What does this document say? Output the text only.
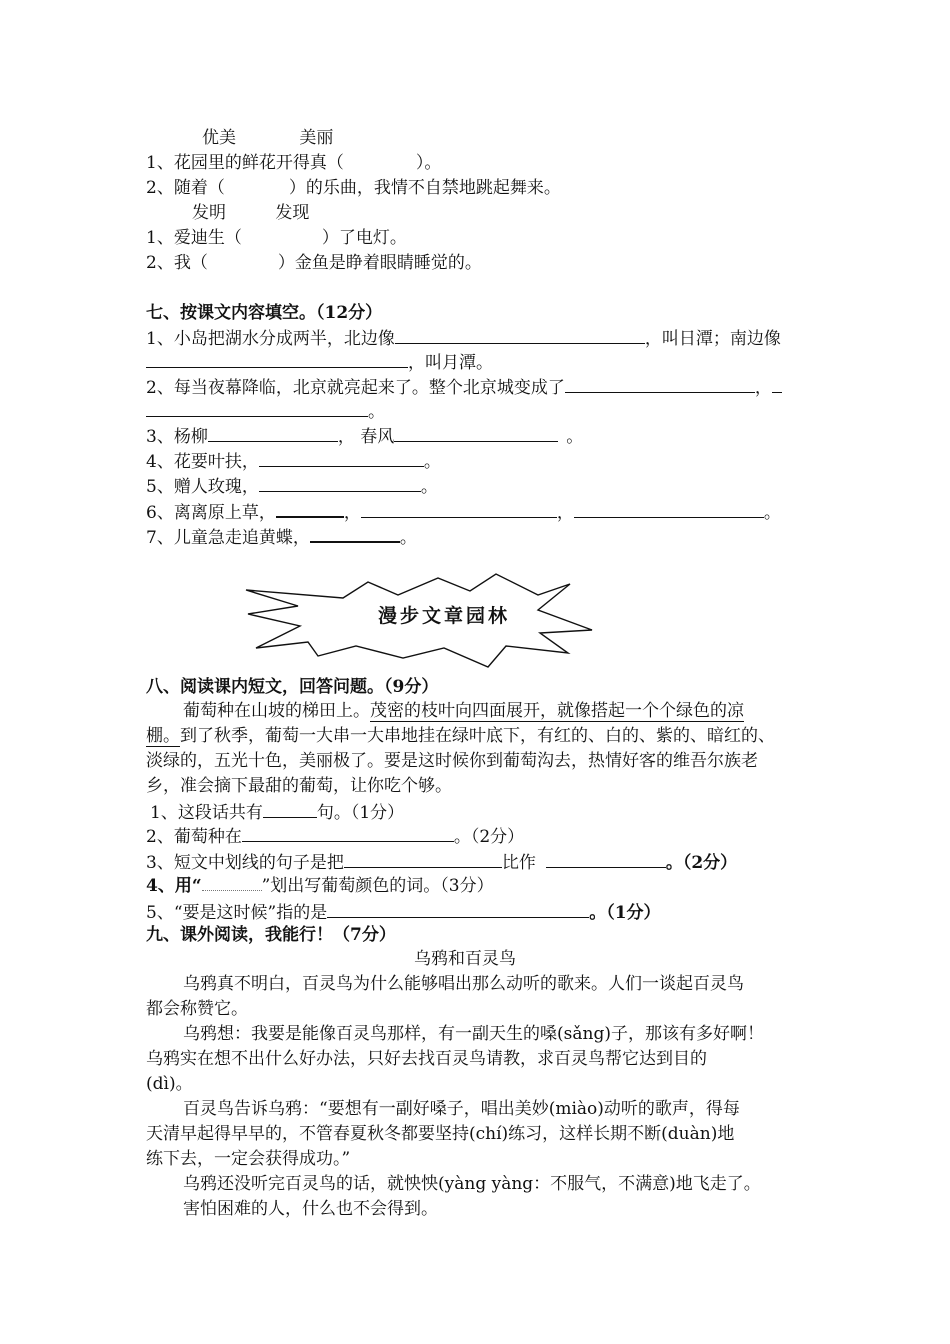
优美	美丽
1、花园里的鲜花开得真（	）。
2、随着（	）的乐曲，我情不自禁地跳起舞来。
发明	发现
1、爱迪生（	）了电灯。
2、我（	）金鱼是睁着眼睛睡觉的。
七、按课文内容填空。（12分）
1、小岛把湖水分成两半，北边像	，叫日潭；南边像
，叫月潭。
2、每当夜幕降临，北京就亮起来了。整个北京城变成了	，
。
3、杨柳	， 春风	。
4、花要叶扶，	。
5、赠人玫瑰，	。
6、离离原上草，	，	，	。
7、儿童急走追黄蝶，	。
漫步文章园林
八、阅读课内短文，回答问题。（9分）
葡萄种在山坡的梯田上。茂密的枝叶向四面展开，就像搭起一个个绿色的凉
棚。到了秋季，葡萄一大串一大串地挂在绿叶底下，有红的、白的、紫的、暗红的、
淡绿的，五光十色，美丽极了。要是这时候你到葡萄沟去，热情好客的维吾尔族老
乡，准会摘下最甜的葡萄，让你吃个够。
1、这段话共有	句。（1分）
2、葡萄种在	。（2分）
3、短文中划线的句子是把	比作	。（2分）
4、用“	”划出写葡萄颜色的词。（3分）
5、“要是这时候”指的是	。（1分）
九、课外阅读，我能行！（7分）
乌鸦和百灵鸟
乌鸦真不明白，百灵鸟为什么能够唱出那么动听的歌来。人们一谈起百灵鸟
都会称赞它。
乌鸦想：我要是能像百灵鸟那样，有一副天生的嗓(sǎng)子，那该有多好啊！
乌鸦实在想不出什么好办法，只好去找百灵鸟请教，求百灵鸟帮它达到目的
(dì)。
百灵鸟告诉乌鸦：“要想有一副好嗓子，唱出美妙(miào)动听的歌声，得每
天清早起得早早的，不管春夏秋冬都要坚持(chí)练习，这样长期不断(duàn)地
练下去，一定会获得成功。”
乌鸦还没听完百灵鸟的话，就怏怏(yàng yàng：不服气，不满意)地飞走了。
害怕困难的人，什么也不会得到。
